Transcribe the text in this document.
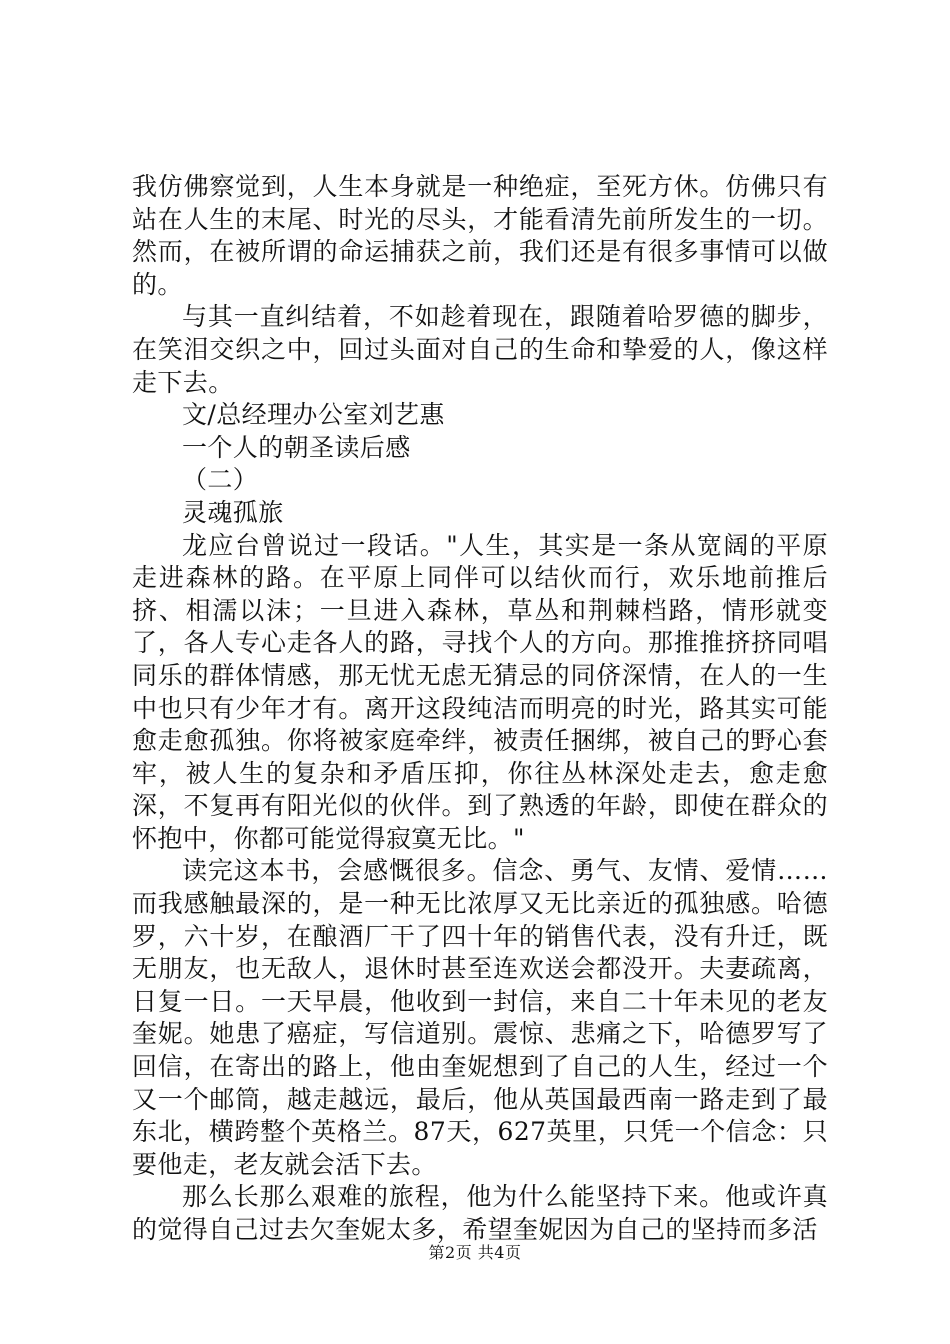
我仿佛察觉到，人生本身就是一种绝症，至死方休。仿佛只有站在人生的末尾、时光的尽头，才能看清先前所发生的一切。然而，在被所谓的命运捕获之前，我们还是有很多事情可以做的。

与其一直纠结着，不如趁着现在，跟随着哈罗德的脚步，在笑泪交织之中，回过头面对自己的生命和挚爱的人，像这样走下去。

文/总经理办公室刘艺惠

一个人的朝圣读后感

（二）

灵魂孤旅

龙应台曾说过一段话。"人生，其实是一条从宽阔的平原走进森林的路。在平原上同伴可以结伙而行，欢乐地前推后挤、相濡以沫；一旦进入森林，草丛和荆棘档路，情形就变了，各人专心走各人的路，寻找个人的方向。那推推挤挤同唱同乐的群体情感，那无忧无虑无猜忌的同侪深情，在人的一生中也只有少年才有。离开这段纯洁而明亮的时光，路其实可能愈走愈孤独。你将被家庭牵绊，被责任捆绑，被自己的野心套牢，被人生的复杂和矛盾压抑，你往丛林深处走去，愈走愈深，不复再有阳光似的伙伴。到了熟透的年龄，即使在群众的怀抱中，你都可能觉得寂寞无比。"

读完这本书，会感慨很多。信念、勇气、友情、爱情……而我感触最深的，是一种无比浓厚又无比亲近的孤独感。哈德罗，六十岁，在酿酒厂干了四十年的销售代表，没有升迁，既无朋友，也无敌人，退休时甚至连欢送会都没开。夫妻疏离，日复一日。一天早晨，他收到一封信，来自二十年未见的老友奎妮。她患了癌症，写信道别。震惊、悲痛之下，哈德罗写了回信，在寄出的路上，他由奎妮想到了自己的人生，经过一个又一个邮筒，越走越远，最后，他从英国最西南一路走到了最东北，横跨整个英格兰。87天，627英里，只凭一个信念：只要他走，老友就会活下去。

那么长那么艰难的旅程，他为什么能坚持下来。他或许真的觉得自己过去欠奎妮太多，希望奎妮因为自己的坚持而多活

第2页 共4页
